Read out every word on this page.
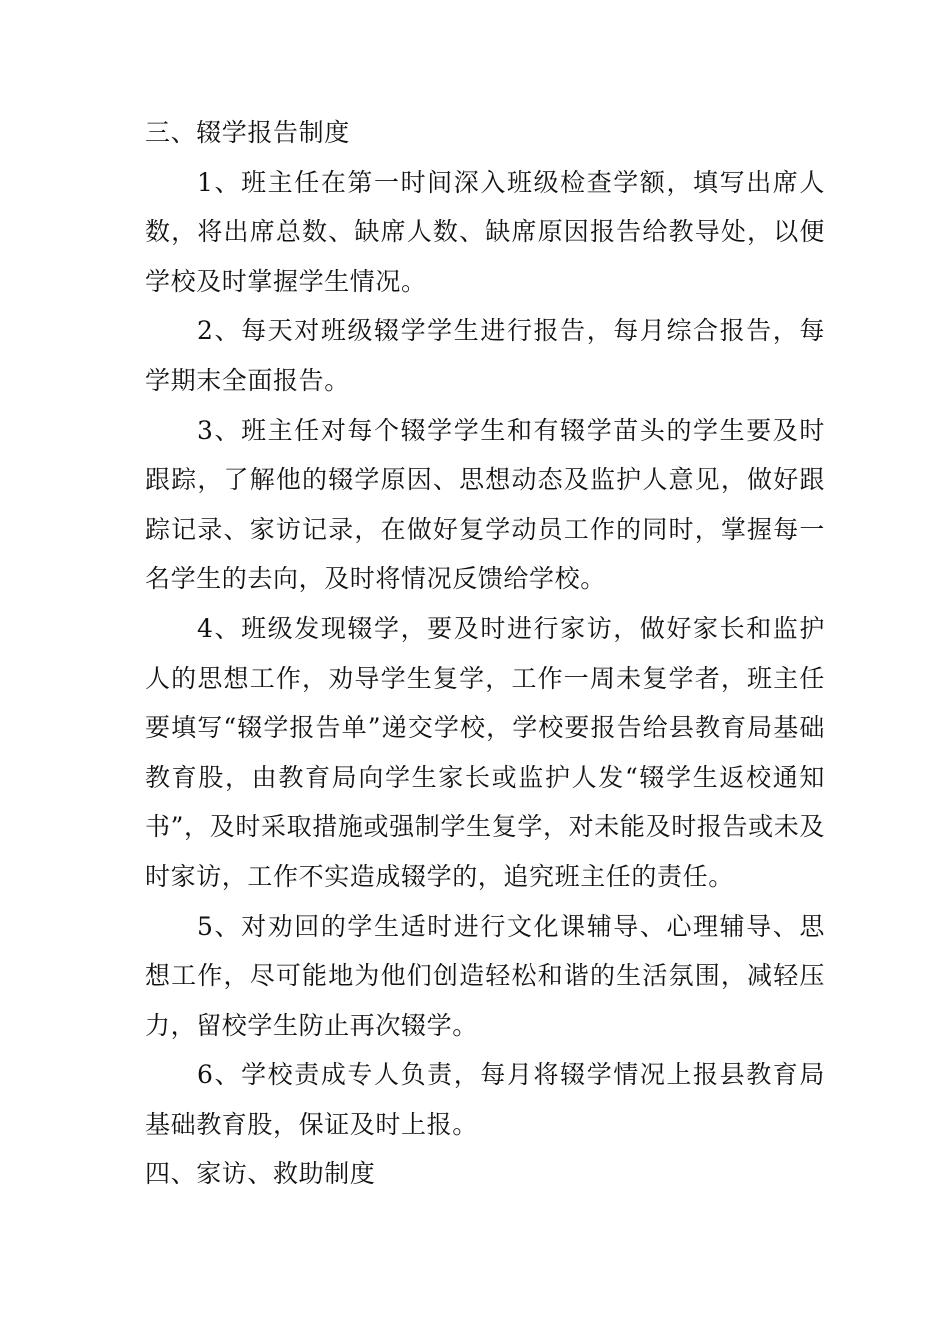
三、辍学报告制度

1、班主任在第一时间深入班级检查学额，填写出席人数，将出席总数、缺席人数、缺席原因报告给教导处，以便学校及时掌握学生情况。

2、每天对班级辍学学生进行报告，每月综合报告，每学期末全面报告。

3、班主任对每个辍学学生和有辍学苗头的学生要及时跟踪，了解他的辍学原因、思想动态及监护人意见，做好跟踪记录、家访记录，在做好复学动员工作的同时，掌握每一名学生的去向，及时将情况反馈给学校。

4、班级发现辍学，要及时进行家访，做好家长和监护人的思想工作，劝导学生复学，工作一周未复学者，班主任要填写“辍学报告单”递交学校，学校要报告给县教育局基础教育股，由教育局向学生家长或监护人发“辍学生返校通知书”，及时采取措施或强制学生复学，对未能及时报告或未及时家访，工作不实造成辍学的，追究班主任的责任。

5、对劝回的学生适时进行文化课辅导、心理辅导、思想工作，尽可能地为他们创造轻松和谐的生活氛围，减轻压力，留校学生防止再次辍学。

6、学校责成专人负责，每月将辍学情况上报县教育局基础教育股，保证及时上报。

四、家访、救助制度
